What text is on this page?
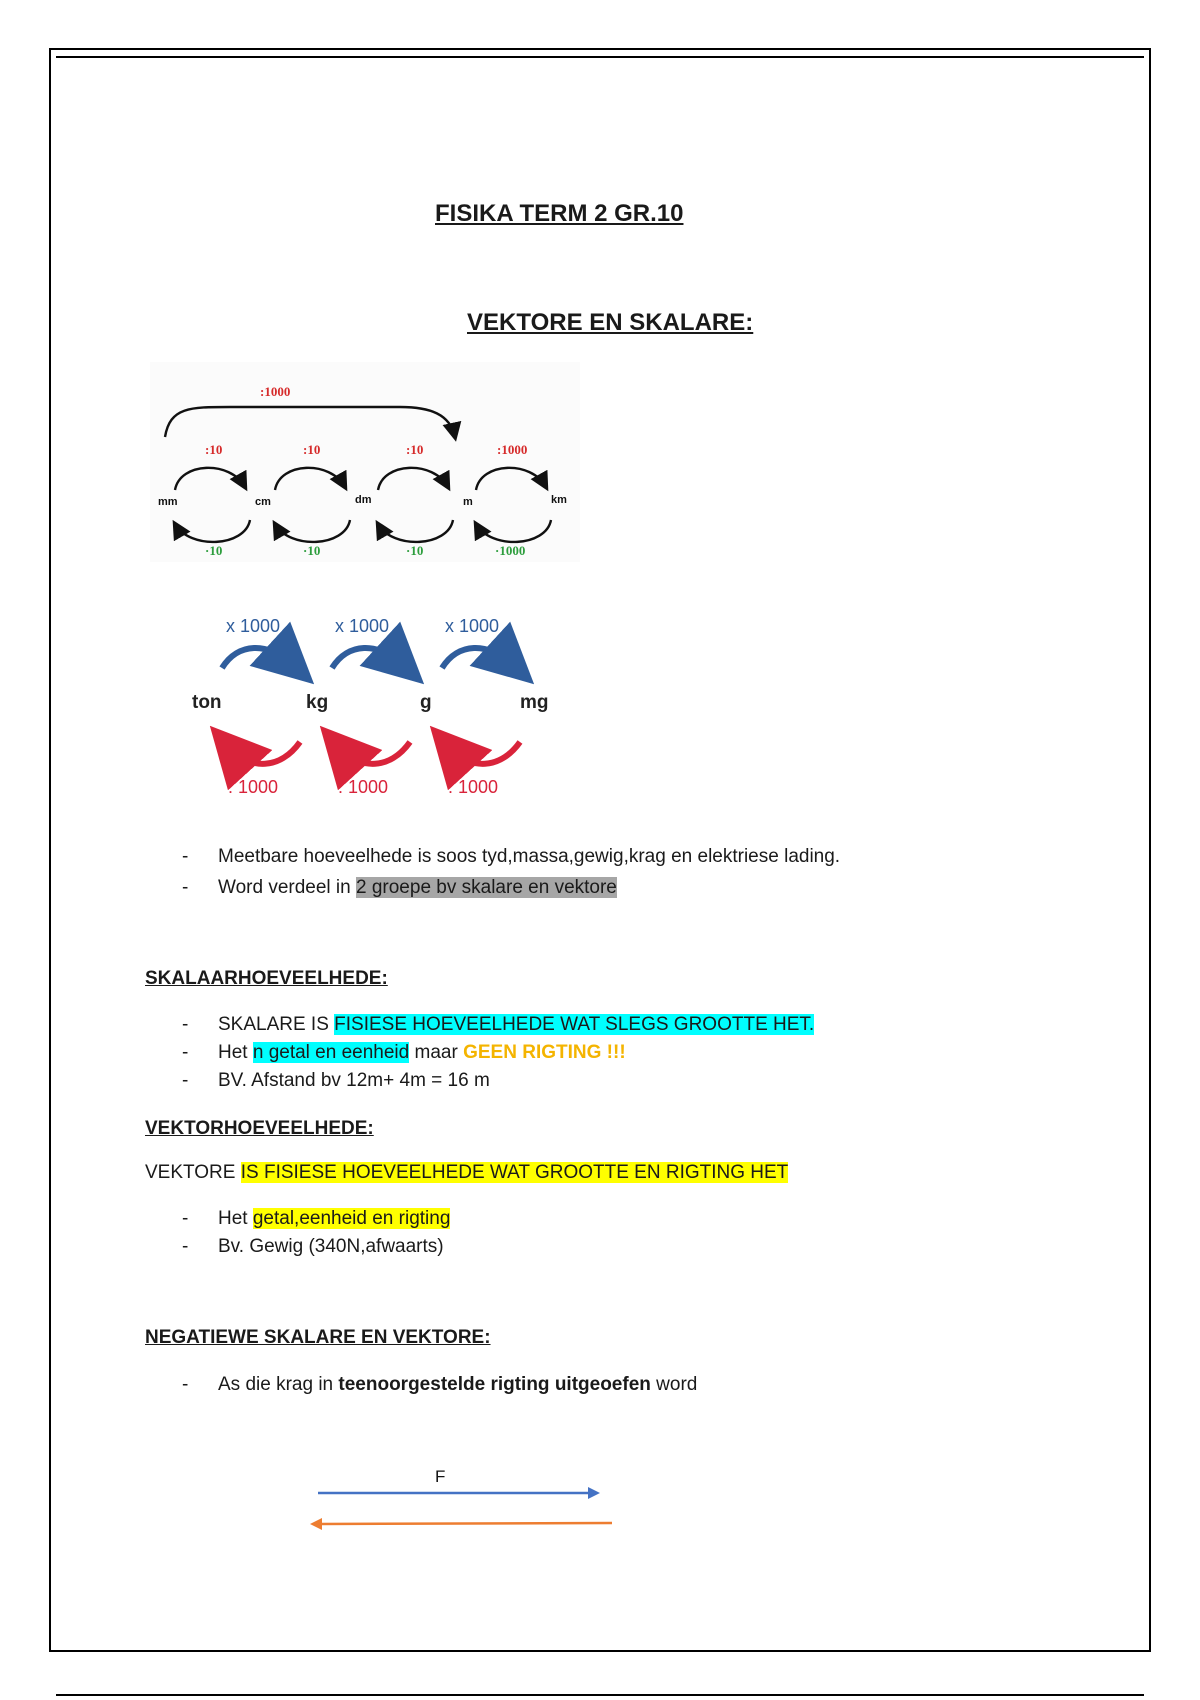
FISIKA TERM 2 GR.10
VEKTORE EN SKALARE:
:1000
:10	:10	:10	:1000
mm	cm	dm	m	km
·10	·10	·10	·1000
x 1000	x 1000	x 1000
ton	kg	g	mg
: 1000	: 1000	: 1000
- Meetbare hoeveelhede is soos tyd,massa,gewig,krag en elektriese lading.
- Word verdeel in 2 groepe bv skalare en vektore
SKALAARHOEVEELHEDE:
- SKALARE IS FISIESE HOEVEELHEDE WAT SLEGS GROOTTE HET.
- Het n getal en eenheid maar GEEN RIGTING !!!
- BV. Afstand bv 12m+ 4m = 16 m
VEKTORHOEVEELHEDE:
VEKTORE IS FISIESE HOEVEELHEDE WAT GROOTTE EN RIGTING HET
- Het getal,eenheid en rigting
- Bv. Gewig (340N,afwaarts)
NEGATIEWE SKALARE EN VEKTORE:
- As die krag in teenoorgestelde rigting uitgeoefen word
F
